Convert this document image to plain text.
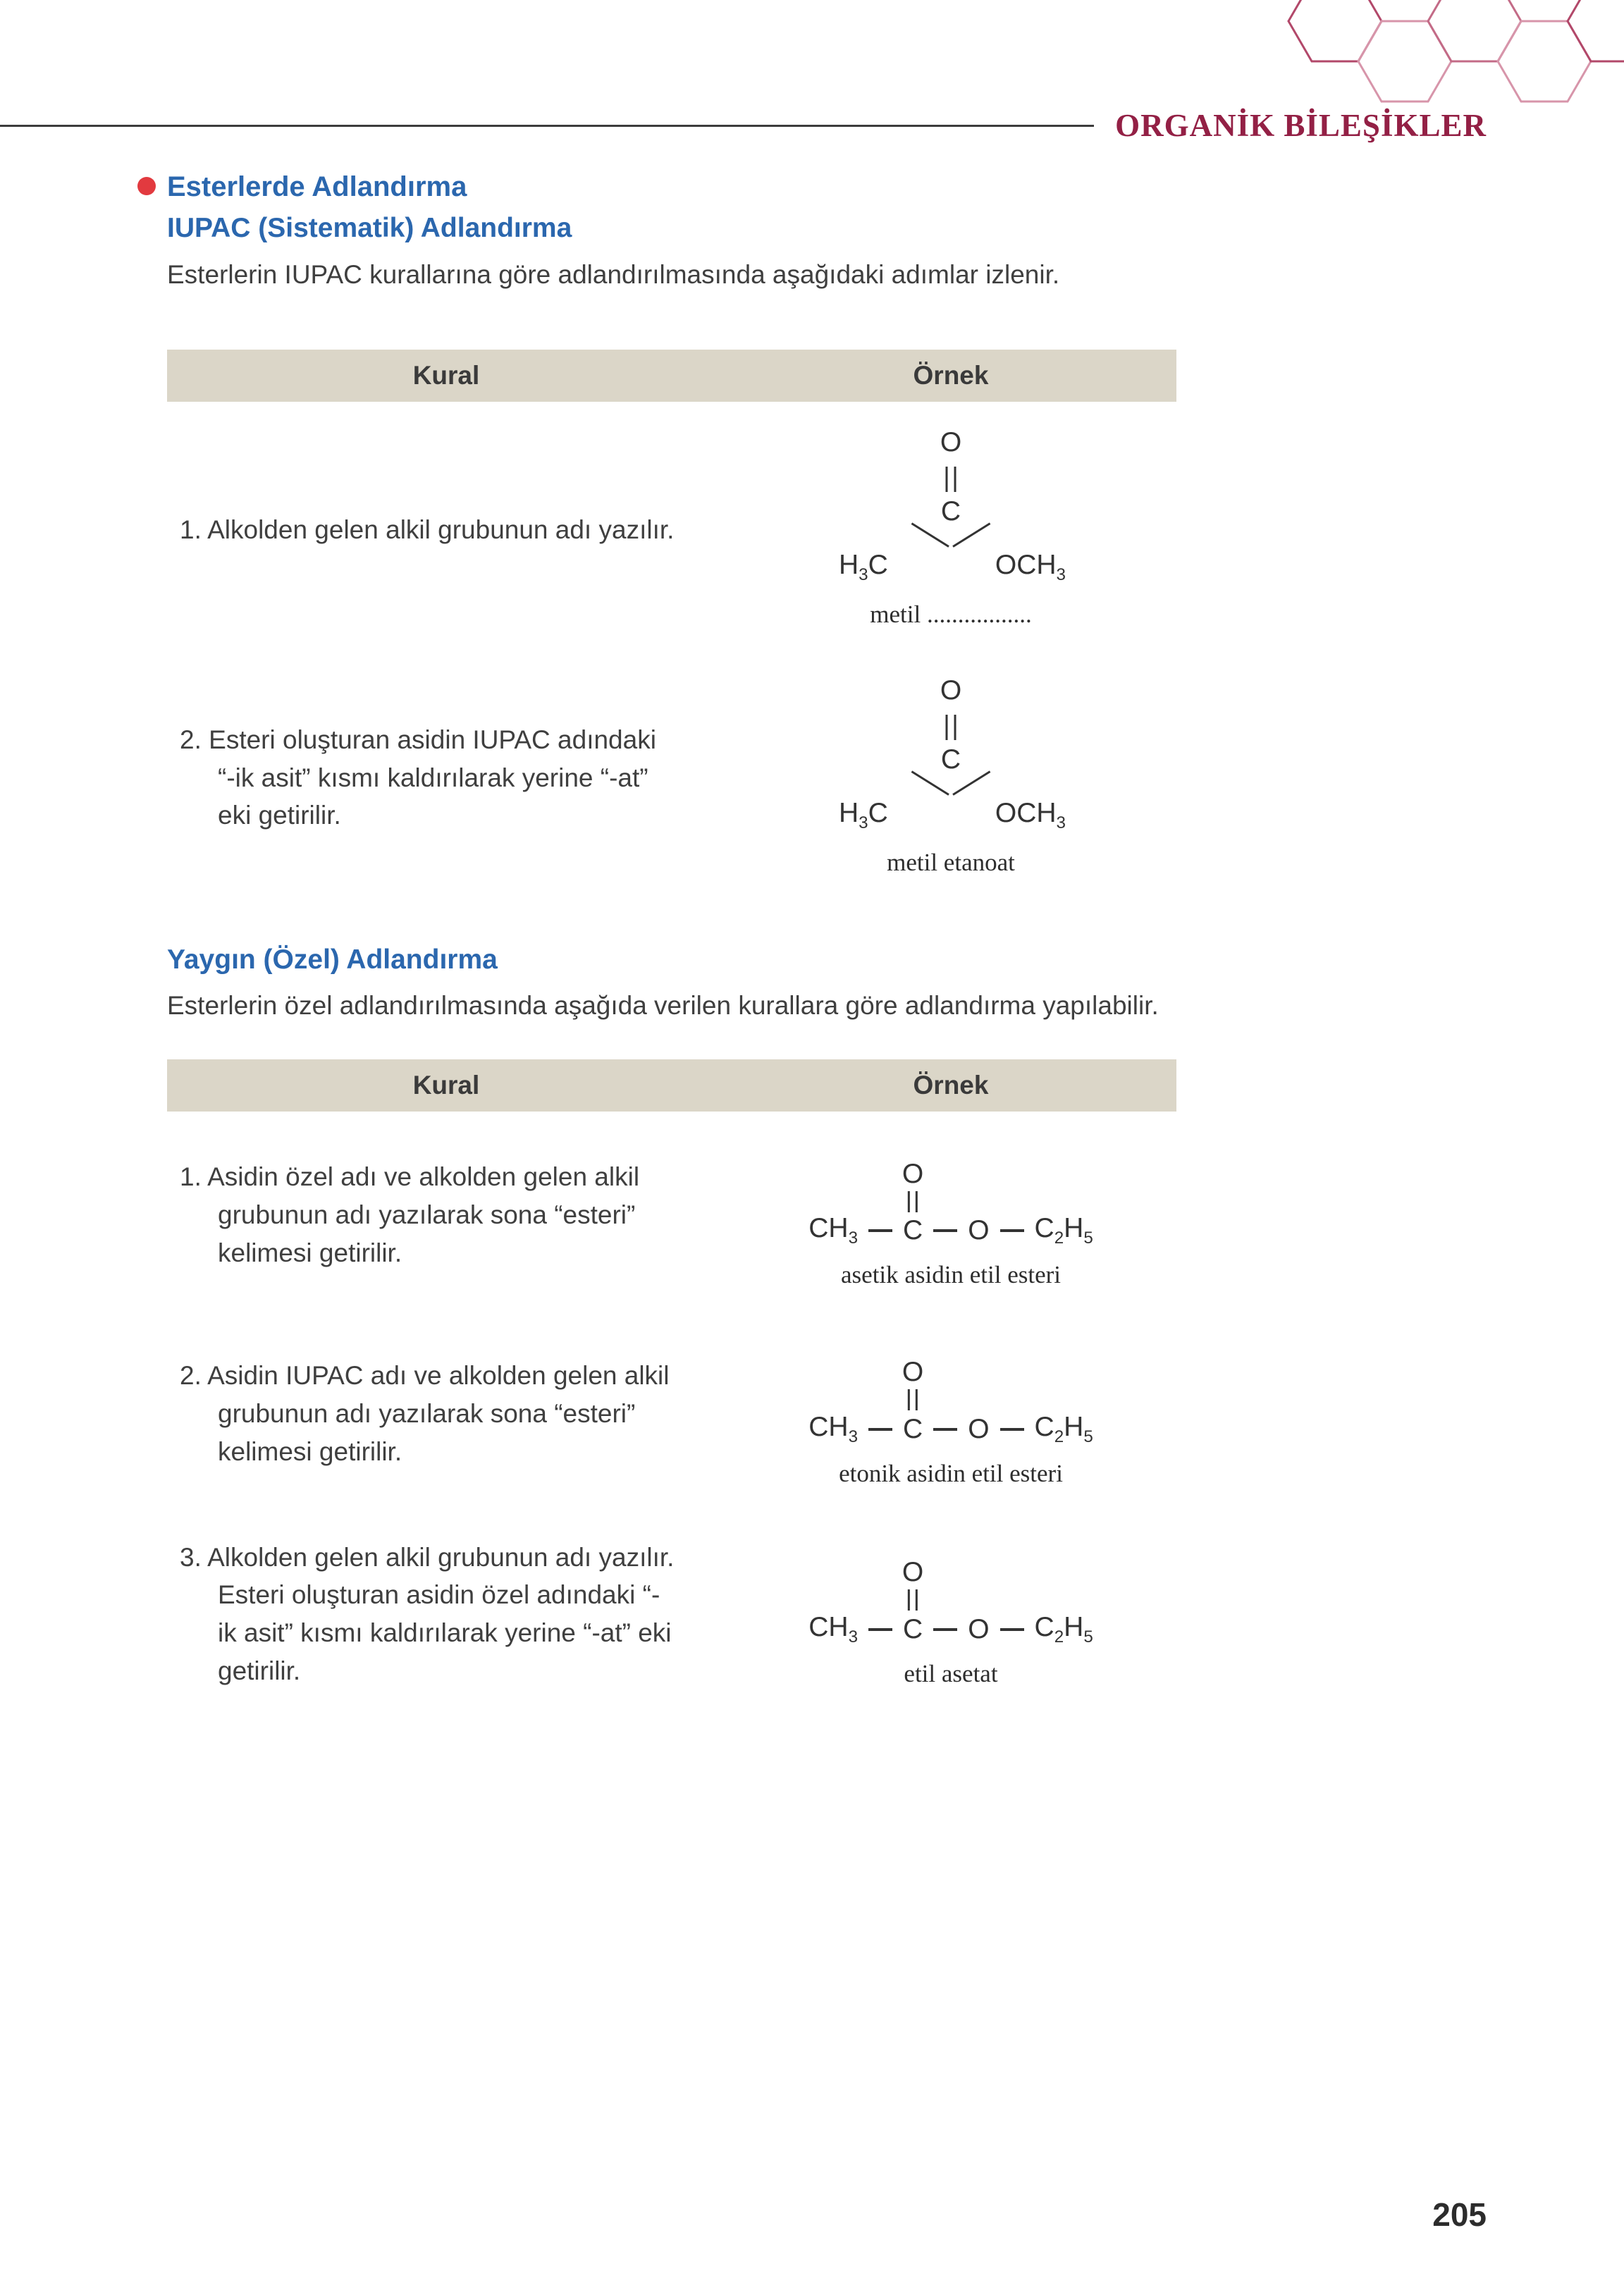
ORGANİK BİLEŞİKLER
Esterlerde Adlandırma
IUPAC (Sistematik) Adlandırma

Esterlerin IUPAC kurallarına göre adlandırılmasında aşağıdaki adımlar izlenir.

Kural	Örnek
1. Alkolden gelen alkil grubunun adı yazılır.
O
C
$H_3C$	$OCH_3$
metil .................
2. Esteri oluşturan asidin IUPAC adındaki “-ik asit” kısmı kaldırılarak yerine “-at” eki getirilir.
O
C
$H_3C$	$OCH_3$
metil etanoat
Yaygın (Özel) Adlandırma

Esterlerin özel adlandırılmasında aşağıda verilen kurallara göre adlandırma yapılabilir.

Kural	Örnek
1. Asidin özel adı ve alkolden gelen alkil grubunun adı yazılarak sona “esteri” kelimesi getirilir.
$CH_3$
O
C O $C_2H_5$
asetik asidin etil esteri
2. Asidin IUPAC adı ve alkolden gelen alkil grubunun adı yazılarak sona “esteri” kelimesi getirilir.
$CH_3$
O
C O $C_2H_5$
etonik asidin etil esteri
3. Alkolden gelen alkil grubunun adı yazılır. Esteri oluşturan asidin özel adındaki “-ik asit” kısmı kaldırılarak yerine “-at” eki getirilir.
$CH_3$
O
C O $C_2H_5$
etil asetat
205
